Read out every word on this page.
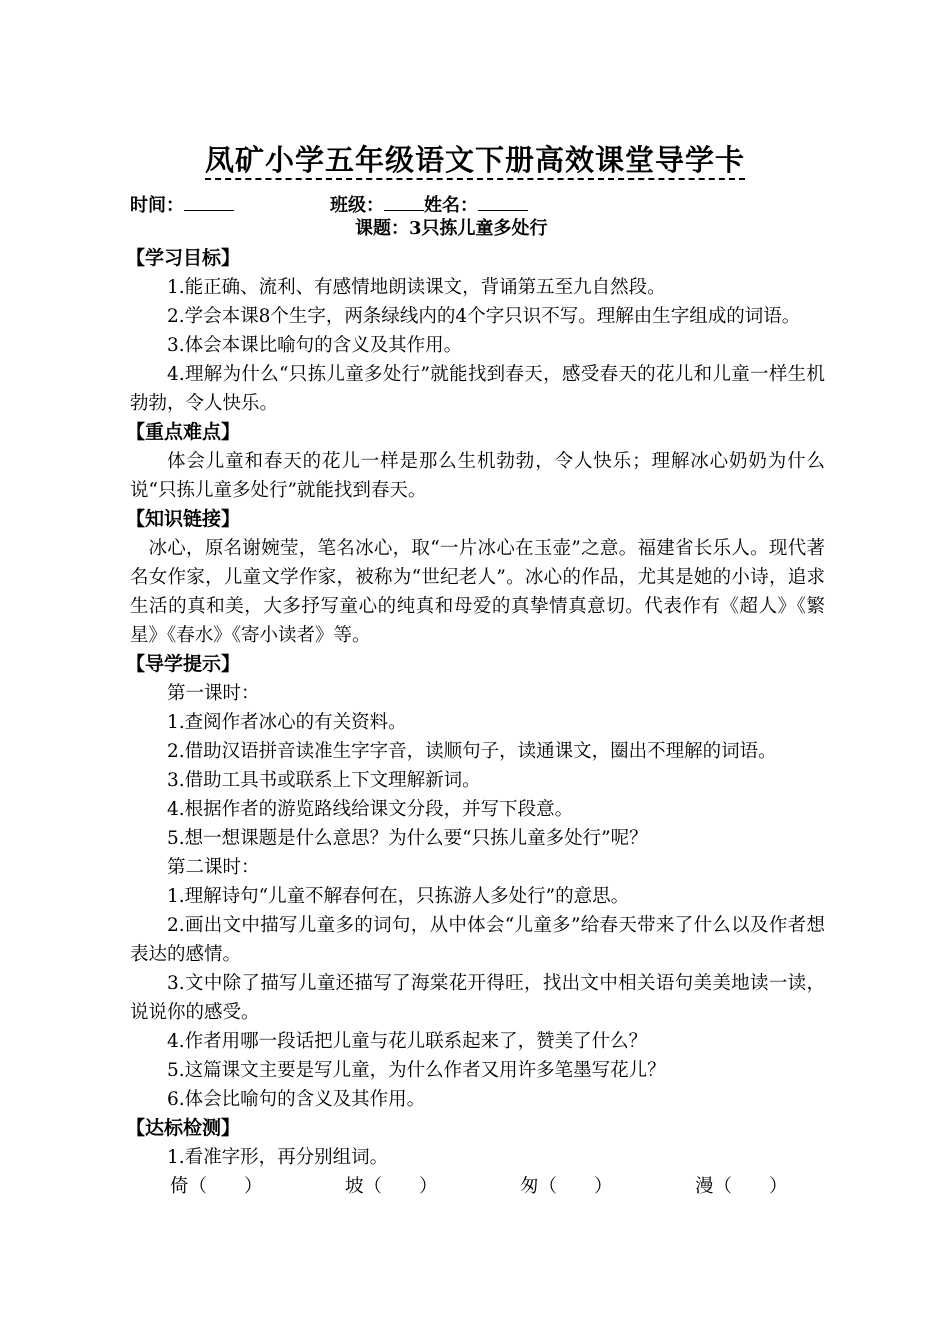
凤矿小学五年级语文下册高效课堂导学卡
时间：	班级： 姓名：
课题：3只拣儿童多处行
【学习目标】
1.能正确、流利、有感情地朗读课文，背诵第五至九自然段。
2.学会本课8个生字，两条绿线内的4个字只识不写。理解由生字组成的词语。
3.体会本课比喻句的含义及其作用。
4.理解为什么“只拣儿童多处行”就能找到春天，感受春天的花儿和儿童一样生机勃勃，令人快乐。
【重点难点】
体会儿童和春天的花儿一样是那么生机勃勃，令人快乐；理解冰心奶奶为什么说“只拣儿童多处行”就能找到春天。
【知识链接】
冰心，原名谢婉莹，笔名冰心，取“一片冰心在玉壶”之意。福建省长乐人。现代著名女作家，儿童文学作家，被称为“世纪老人”。冰心的作品，尤其是她的小诗，追求生活的真和美，大多抒写童心的纯真和母爱的真挚情真意切。代表作有《超人》《繁星》《春水》《寄小读者》等。
【导学提示】
第一课时：
1.查阅作者冰心的有关资料。
2.借助汉语拼音读准生字字音，读顺句子，读通课文，圈出不理解的词语。
3.借助工具书或联系上下文理解新词。
4.根据作者的游览路线给课文分段，并写下段意。
5.想一想课题是什么意思？为什么要“只拣儿童多处行”呢？
第二课时：
1.理解诗句“儿童不解春何在，只拣游人多处行”的意思。
2.画出文中描写儿童多的词句，从中体会“儿童多”给春天带来了什么以及作者想表达的感情。
3.文中除了描写儿童还描写了海棠花开得旺，找出文中相关语句美美地读一读，说说你的感受。
4.作者用哪一段话把儿童与花儿联系起来了，赞美了什么？
5.这篇课文主要是写儿童，为什么作者又用许多笔墨写花儿？
6.体会比喻句的含义及其作用。
【达标检测】
1.看准字形，再分别组词。
倚（　　）	坡（　　）	匆（　　）	漫（　　）
